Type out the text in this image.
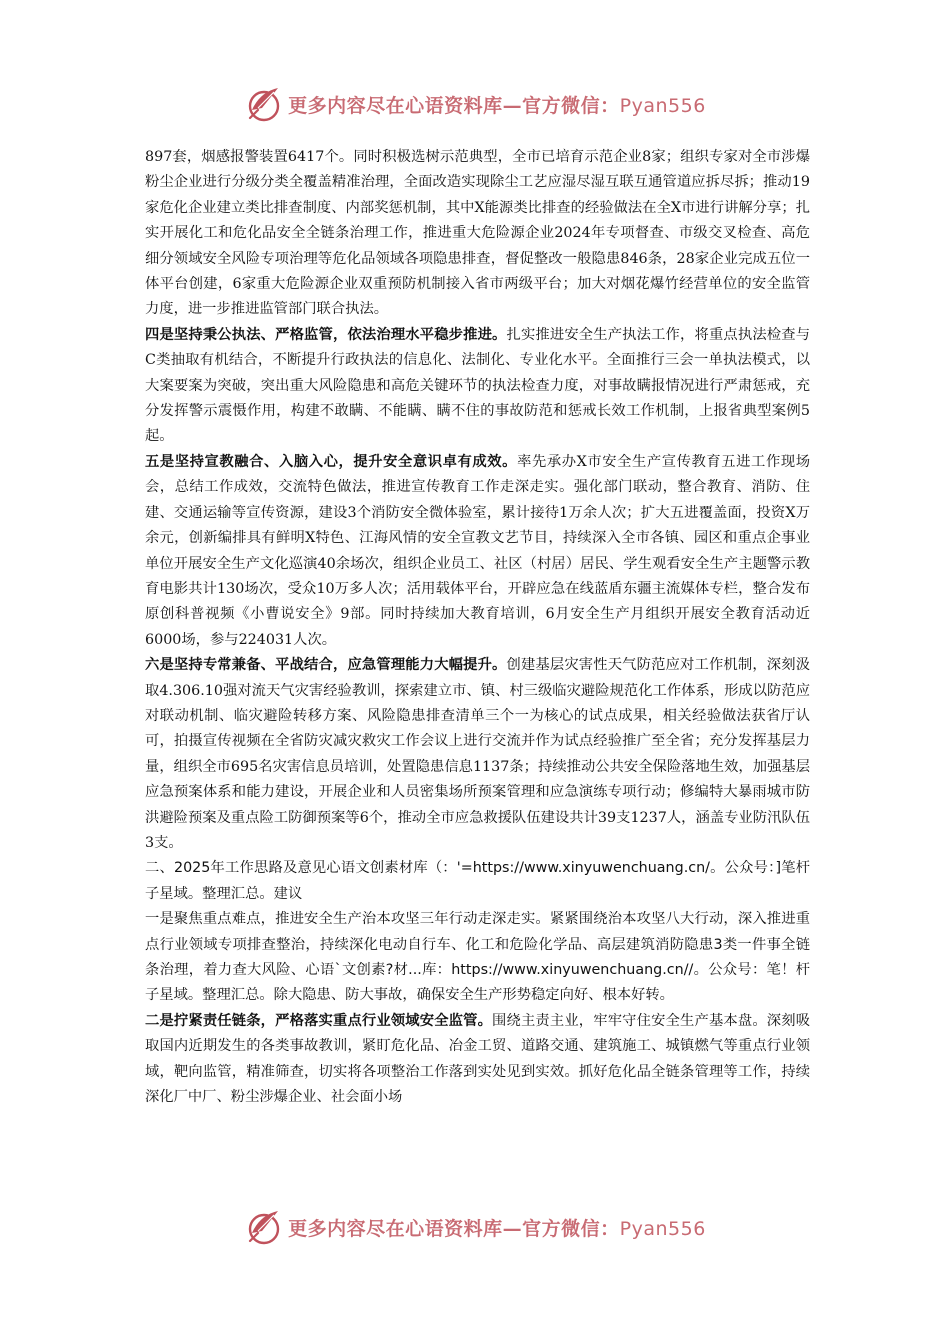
更多内容尽在心语资料库—官方微信：Pyan556

897套，烟感报警装置6417个。同时积极选树示范典型，全市已培育示范企业8家；组织专家对全市涉爆粉尘企业进行分级分类全覆盖精准治理，全面改造实现除尘工艺应湿尽湿互联互通管道应拆尽拆；推动19家危化企业建立类比排查制度、内部奖惩机制，其中X能源类比排查的经验做法在全X市进行讲解分享；扎实开展化工和危化品安全全链条治理工作，推进重大危险源企业2024年专项督查、市级交叉检查、高危细分领域安全风险专项治理等危化品领域各项隐患排查，督促整改一般隐患846条，28家企业完成五位一体平台创建，6家重大危险源企业双重预防机制接入省市两级平台；加大对烟花爆竹经营单位的安全监管力度，进一步推进监管部门联合执法。

四是坚持秉公执法、严格监管，依法治理水平稳步推进。扎实推进安全生产执法工作，将重点执法检查与C类抽取有机结合，不断提升行政执法的信息化、法制化、专业化水平。全面推行三会一单执法模式，以大案要案为突破，突出重大风险隐患和高危关键环节的执法检查力度，对事故瞒报情况进行严肃惩戒，充分发挥警示震慑作用，构建不敢瞒、不能瞒、瞒不住的事故防范和惩戒长效工作机制，上报省典型案例5起。

五是坚持宣教融合、入脑入心，提升安全意识卓有成效。率先承办X市安全生产宣传教育五进工作现场会，总结工作成效，交流特色做法，推进宣传教育工作走深走实。强化部门联动，整合教育、消防、住建、交通运输等宣传资源，建设3个消防安全微体验室，累计接待1万余人次；扩大五进覆盖面，投资X万余元，创新编排具有鲜明X特色、江海风情的安全宣教文艺节目，持续深入全市各镇、园区和重点企事业单位开展安全生产文化巡演40余场次，组织企业员工、社区（村居）居民、学生观看安全生产主题警示教育电影共计130场次，受众10万多人次；活用载体平台，开辟应急在线蓝盾东疆主流媒体专栏，整合发布原创科普视频《小曹说安全》9部。同时持续加大教育培训，6月安全生产月组织开展安全教育活动近6000场，参与224031人次。

六是坚持专常兼备、平战结合，应急管理能力大幅提升。创建基层灾害性天气防范应对工作机制，深刻汲取4.306.10强对流天气灾害经验教训，探索建立市、镇、村三级临灾避险规范化工作体系，形成以防范应对联动机制、临灾避险转移方案、风险隐患排查清单三个一为核心的试点成果，相关经验做法获省厅认可，拍摄宣传视频在全省防灾减灾救灾工作会议上进行交流并作为试点经验推广至全省；充分发挥基层力量，组织全市695名灾害信息员培训，处置隐患信息1137条；持续推动公共安全保险落地生效，加强基层应急预案体系和能力建设，开展企业和人员密集场所预案管理和应急演练专项行动；修编特大暴雨城市防洪避险预案及重点险工防御预案等6个，推动全市应急救援队伍建设共计39支1237人，涵盖专业防汛队伍3支。

二、2025年工作思路及意见心语文创素材库（：'=https://www.xinyuwenchuang.cn/。公众号：]笔杆子星域。整理汇总。建议

一是聚焦重点难点，推进安全生产治本攻坚三年行动走深走实。紧紧围绕治本攻坚八大行动，深入推进重点行业领域专项排查整治，持续深化电动自行车、化工和危险化学品、高层建筑消防隐患3类一件事全链条治理，着力查大风险、心语`文创素?材...库：https://www.xinyuwenchuang.cn//。公众号：笔！杆子星域。整理汇总。除大隐患、防大事故，确保安全生产形势稳定向好、根本好转。

二是拧紧责任链条，严格落实重点行业领域安全监管。围绕主责主业，牢牢守住安全生产基本盘。深刻吸取国内近期发生的各类事故教训，紧盯危化品、冶金工贸、道路交通、建筑施工、城镇燃气等重点行业领域，靶向监管，精准筛查，切实将各项整治工作落到实处见到实效。抓好危化品全链条管理等工作，持续深化厂中厂、粉尘涉爆企业、社会面小场

更多内容尽在心语资料库—官方微信：Pyan556
